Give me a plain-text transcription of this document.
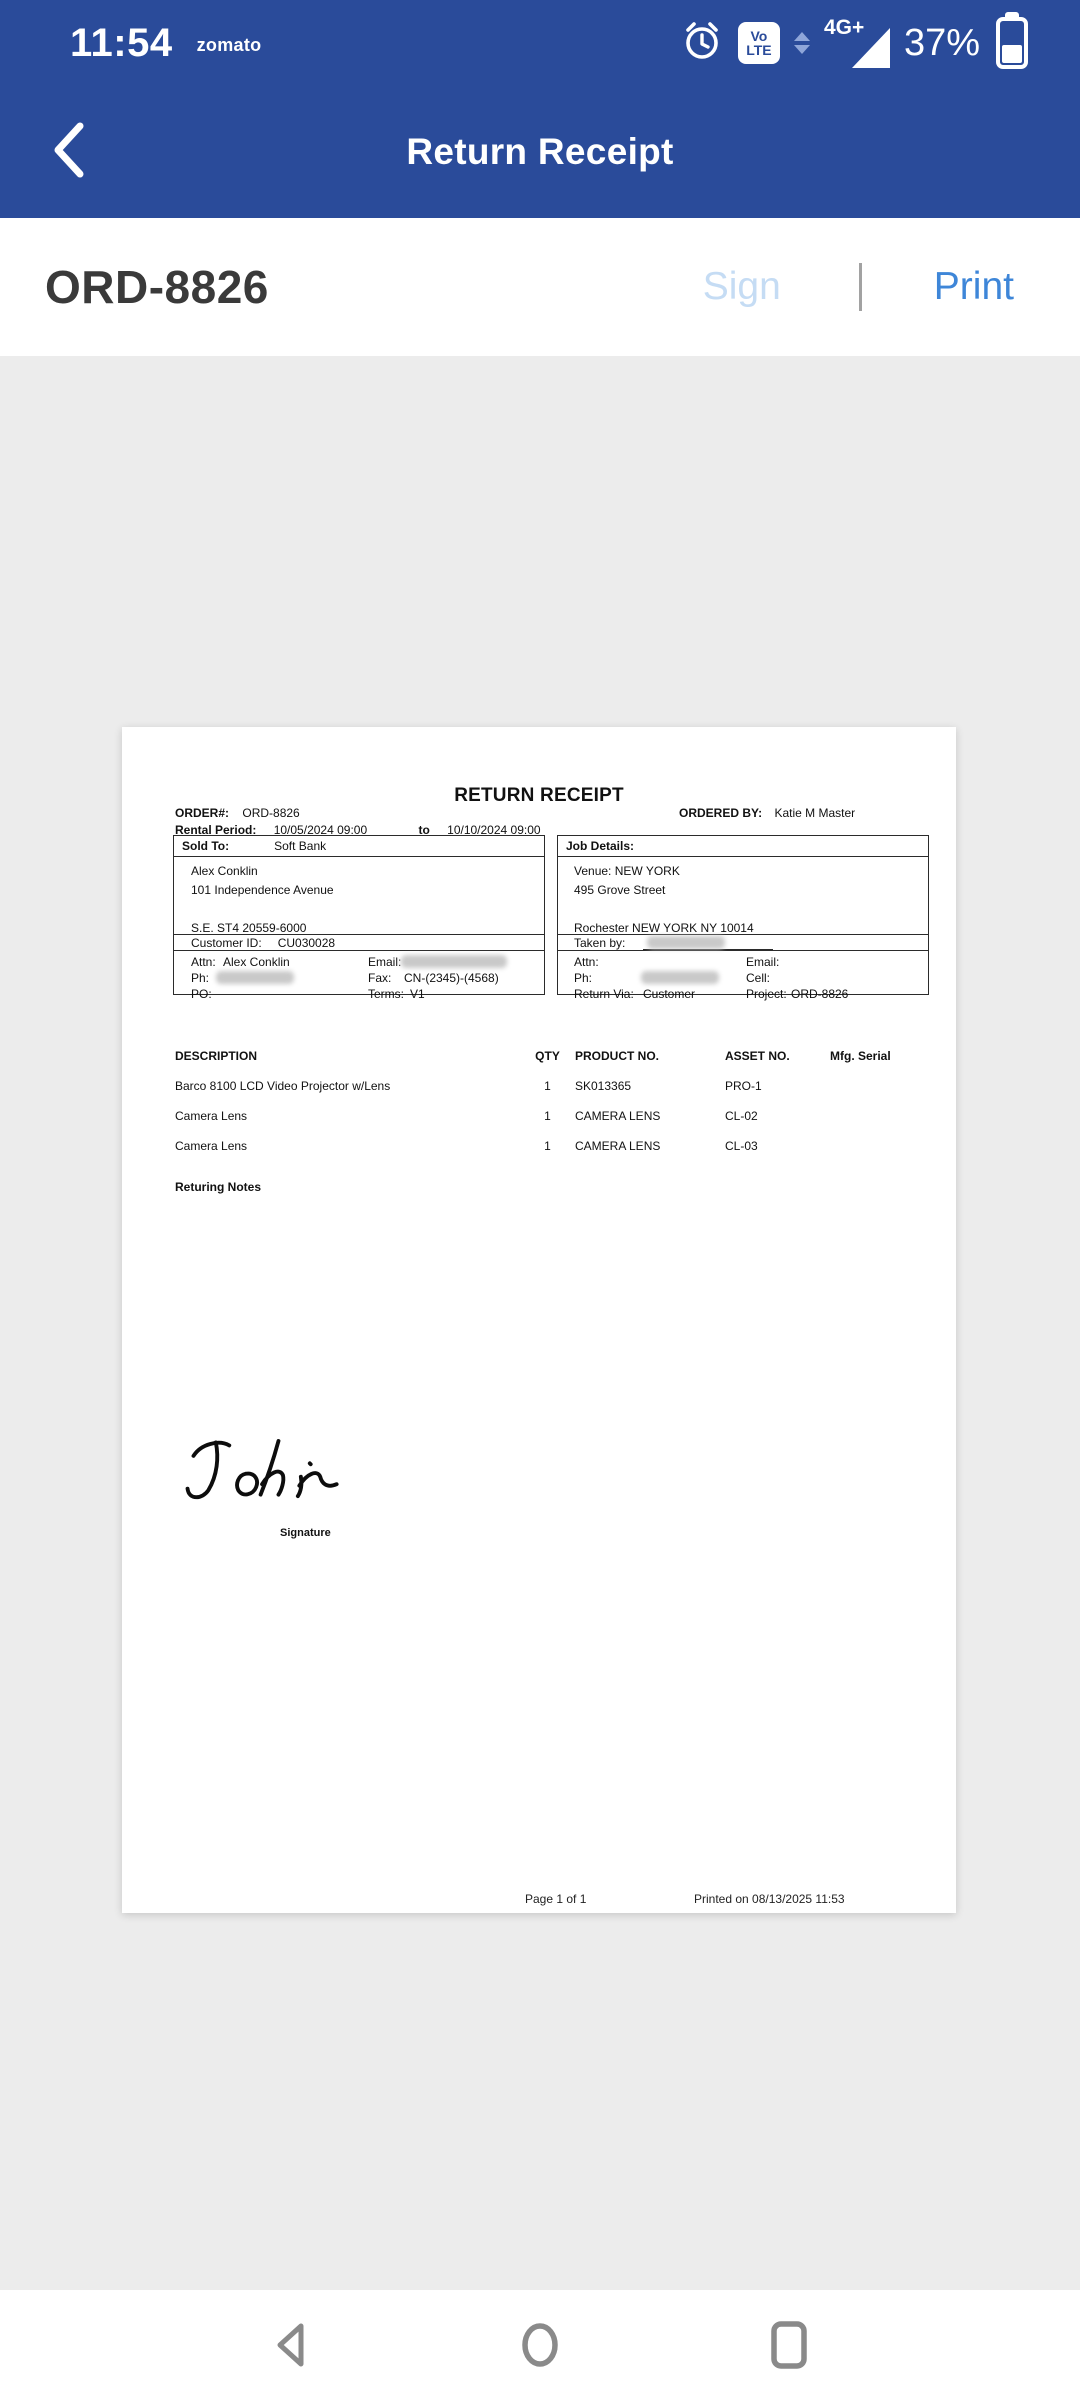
11:54 zomato	Vo
LTE
4G+ 37%
Return Receipt
ORD-8826	Sign	Print
RETURN RECEIPT
ORDER#: ORD-8826	ORDERED BY: Katie M Master
Rental Period: 10/05/2024 09:00	to 10/10/2024 09:00
Sold To:	Soft Bank
Alex Conklin
101 Independence Avenue
S.E. ST4 20559-6000
Customer ID: CU030028
Attn: Alex Conklin	Email:
Ph:	Fax: CN-(2345)-(4568)
PO:	Terms: V1
Job Details:
Venue: NEW YORK
495 Grove Street
Rochester NEW YORK NY 10014
Taken by:
Attn:	Email:
Ph:	Cell:
Return Via: Customer	Project: ORD-8826
DESCRIPTION	QTY	PRODUCT NO.	ASSET NO.	Mfg. Serial
Barco 8100 LCD Video Projector w/Lens	1	SK013365	PRO-1
Camera Lens	1	CAMERA LENS	CL-02
Camera Lens	1	CAMERA LENS	CL-03
Returing Notes
Signature
Page 1 of 1	Printed on 08/13/2025 11:53
